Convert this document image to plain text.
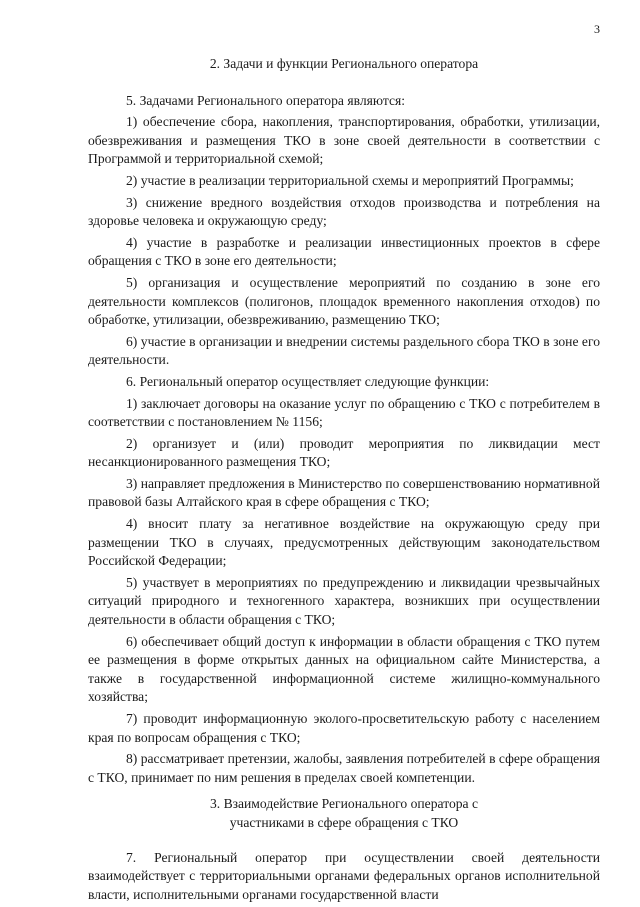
3

2. Задачи и функции Регионального оператора

5. Задачами Регионального оператора являются:

1) обеспечение сбора, накопления, транспортирования, обработки, утилизации, обезвреживания и размещения ТКО в зоне своей деятельности в соответствии с Программой и территориальной схемой;

2) участие в реализации территориальной схемы и мероприятий Программы;

3) снижение вредного воздействия отходов производства и потребления на здоровье человека и окружающую среду;

4) участие в разработке и реализации инвестиционных проектов в сфере обращения с ТКО в зоне его деятельности;

5) организация и осуществление мероприятий по созданию в зоне его деятельности комплексов (полигонов, площадок временного накопления отходов) по обработке, утилизации, обезвреживанию, размещению ТКО;

6) участие в организации и внедрении системы раздельного сбора ТКО в зоне его деятельности.

6. Региональный оператор осуществляет следующие функции:

1) заключает договоры на оказание услуг по обращению с ТКО с потребителем в соответствии с постановлением № 1156;

2) организует и (или) проводит мероприятия по ликвидации мест несанкционированного размещения ТКО;

3) направляет предложения в Министерство по совершенствованию нормативной правовой базы Алтайского края в сфере обращения с ТКО;

4) вносит плату за негативное воздействие на окружающую среду при размещении ТКО в случаях, предусмотренных действующим законодательством Российской Федерации;

5) участвует в мероприятиях по предупреждению и ликвидации чрезвычайных ситуаций природного и техногенного характера, возникших при осуществлении деятельности в области обращения с ТКО;

6) обеспечивает общий доступ к информации в области обращения с ТКО путем ее размещения в форме открытых данных на официальном сайте Министерства, а также в государственной информационной системе жилищно-коммунального хозяйства;

7) проводит информационную эколого-просветительскую работу с населением края по вопросам обращения с ТКО;

8) рассматривает претензии, жалобы, заявления потребителей в сфере обращения с ТКО, принимает по ним решения в пределах своей компетенции.

3. Взаимодействие Регионального оператора с
участниками в сфере обращения с ТКО

7. Региональный оператор при осуществлении своей деятельности взаимодействует с территориальными органами федеральных органов исполнительной власти, исполнительными органами государственной власти
